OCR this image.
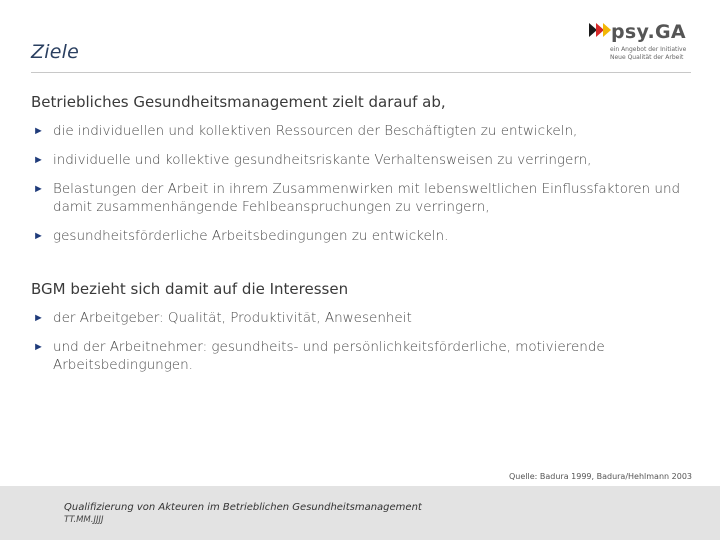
Ziele
psy.GA
ein Angebot der Initiative
Neue Qualität der Arbeit
Betriebliches Gesundheitsmanagement zielt darauf ab,
► die individuellen und kollektiven Ressourcen der Beschäftigten zu entwickeln,
► individuelle und kollektive gesundheitsriskante Verhaltensweisen zu verringern,
► Belastungen der Arbeit in ihrem Zusammenwirken mit lebensweltlichen Einflussfaktoren und damit zusammenhängende Fehlbeanspruchungen zu verringern,
► gesundheitsförderliche Arbeitsbedingungen zu entwickeln.
BGM bezieht sich damit auf die Interessen
► der Arbeitgeber: Qualität, Produktivität, Anwesenheit
► und der Arbeitnehmer: gesundheits- und persönlichkeitsförderliche, motivierende Arbeitsbedingungen.
Quelle: Badura 1999, Badura/Hehlmann 2003
Qualifizierung von Akteuren im Betrieblichen Gesundheitsmanagement
TT.MM.JJJJ
